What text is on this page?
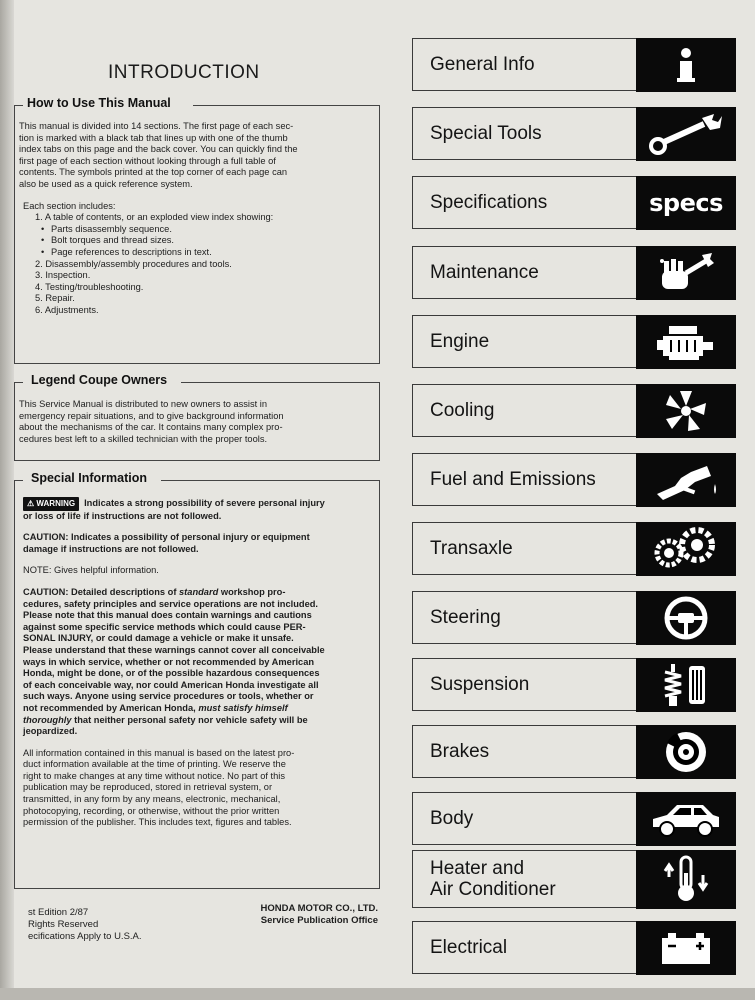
INTRODUCTION
How to Use This Manual

This manual is divided into 14 sections. The first page of each sec-

tion is marked with a black tab that lines up with one of the thumb

index tabs on this page and the back cover. You can quickly find the

first page of each section without looking through a full table of

contents. The symbols printed at the top corner of each page can

also be used as a quick reference system.

Each section includes:

1. A table of contents, or an exploded view index showing:
• Parts disassembly sequence.
• Bolt torques and thread sizes.
• Page references to descriptions in text.
2. Disassembly/assembly procedures and tools.
3. Inspection.
4. Testing/troubleshooting.
5. Repair.
6. Adjustments.
Legend Coupe Owners

This Service Manual is distributed to new owners to assist in

emergency repair situations, and to give background information

about the mechanisms of the car. It contains many complex pro-

cedures best left to a skilled technician with the proper tools.

Special Information

⚠ WARNING Indicates a strong possibility of severe personal injury

or loss of life if instructions are not followed.

CAUTION: Indicates a possibility of personal injury or equipment

damage if instructions are not followed.

NOTE: Gives helpful information.

CAUTION: Detailed descriptions of standard workshop pro-

cedures, safety principles and service operations are not included.

Please note that this manual does contain warnings and cautions

against some specific service methods which could cause PER-

SONAL INJURY, or could damage a vehicle or make it unsafe.

Please understand that these warnings cannot cover all conceivable

ways in which service, whether or not recommended by American

Honda, might be done, or of the possible hazardous consequences

of each conceivable way, nor could American Honda investigate all

such ways. Anyone using service procedures or tools, whether or

not recommended by American Honda, must satisfy himself

thoroughly that neither personal safety nor vehicle safety will be

jeopardized.

All information contained in this manual is based on the latest pro-

duct information available at the time of printing. We reserve the

right to make changes at any time without notice. No part of this

publication may be reproduced, stored in retrieval system, or

transmitted, in any form by any means, electronic, mechanical,

photocopying, recording, or otherwise, without the prior written

permission of the publisher. This includes text, figures and tables.

st Edition 2/87
Rights Reserved
ecifications Apply to U.S.A.
HONDA MOTOR CO., LTD.
Service Publication Office
General Info
Special Tools
Specifications	specs
Maintenance
Engine
Cooling
Fuel and Emissions
Transaxle
Steering
Suspension
Brakes
Body
Heater and
Air Conditioner
Electrical
